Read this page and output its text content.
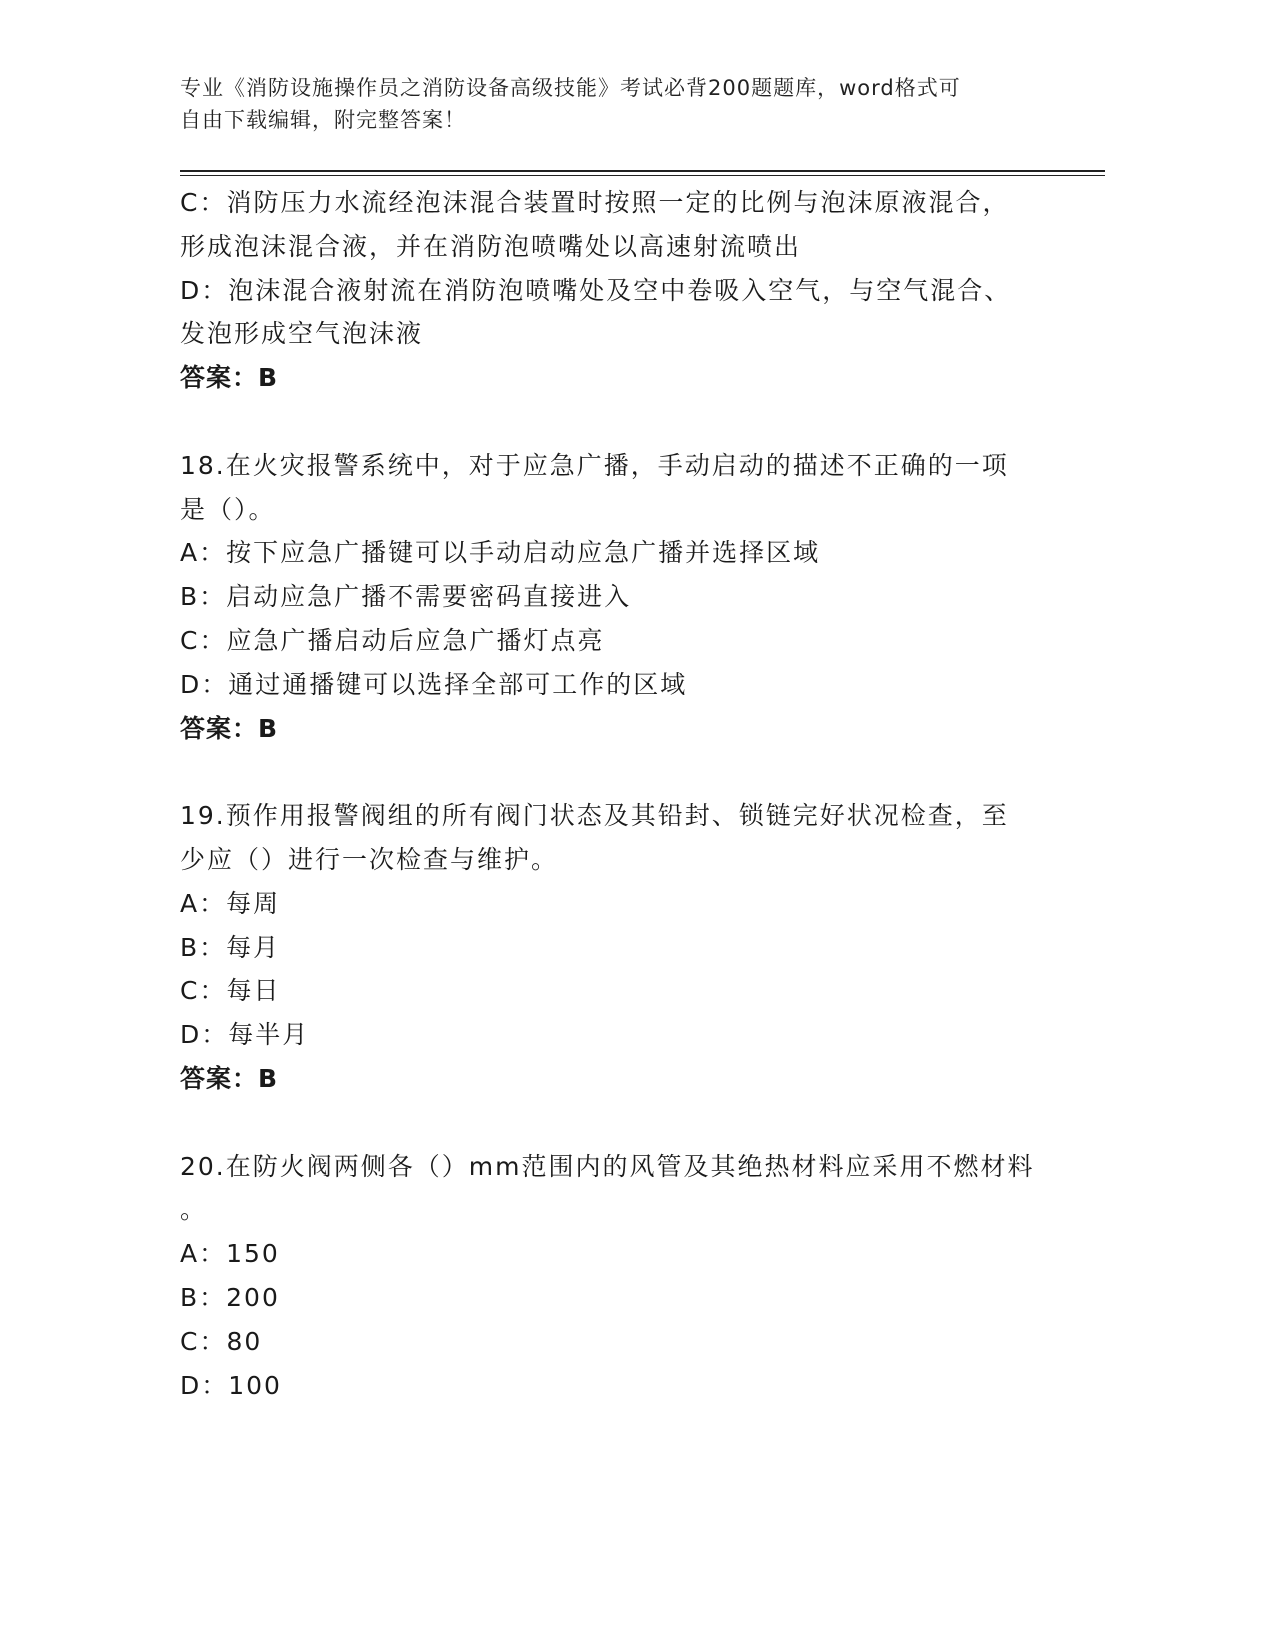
专业《消防设施操作员之消防设备高级技能》考试必背200题题库，word格式可
自由下载编辑，附完整答案！
C：消防压力水流经泡沫混合装置时按照一定的比例与泡沫原液混合，
形成泡沫混合液，并在消防泡喷嘴处以高速射流喷出
D：泡沫混合液射流在消防泡喷嘴处及空中卷吸入空气，与空气混合、
发泡形成空气泡沫液
答案：B
18.在火灾报警系统中，对于应急广播，手动启动的描述不正确的一项
是（）。
A：按下应急广播键可以手动启动应急广播并选择区域
B：启动应急广播不需要密码直接进入
C：应急广播启动后应急广播灯点亮
D：通过通播键可以选择全部可工作的区域
答案：B
19.预作用报警阀组的所有阀门状态及其铅封、锁链完好状况检查，至
少应（）进行一次检查与维护。
A：每周
B：每月
C：每日
D：每半月
答案：B
20.在防火阀两侧各（）mm范围内的风管及其绝热材料应采用不燃材料
。
A：150
B：200
C：80
D：100
